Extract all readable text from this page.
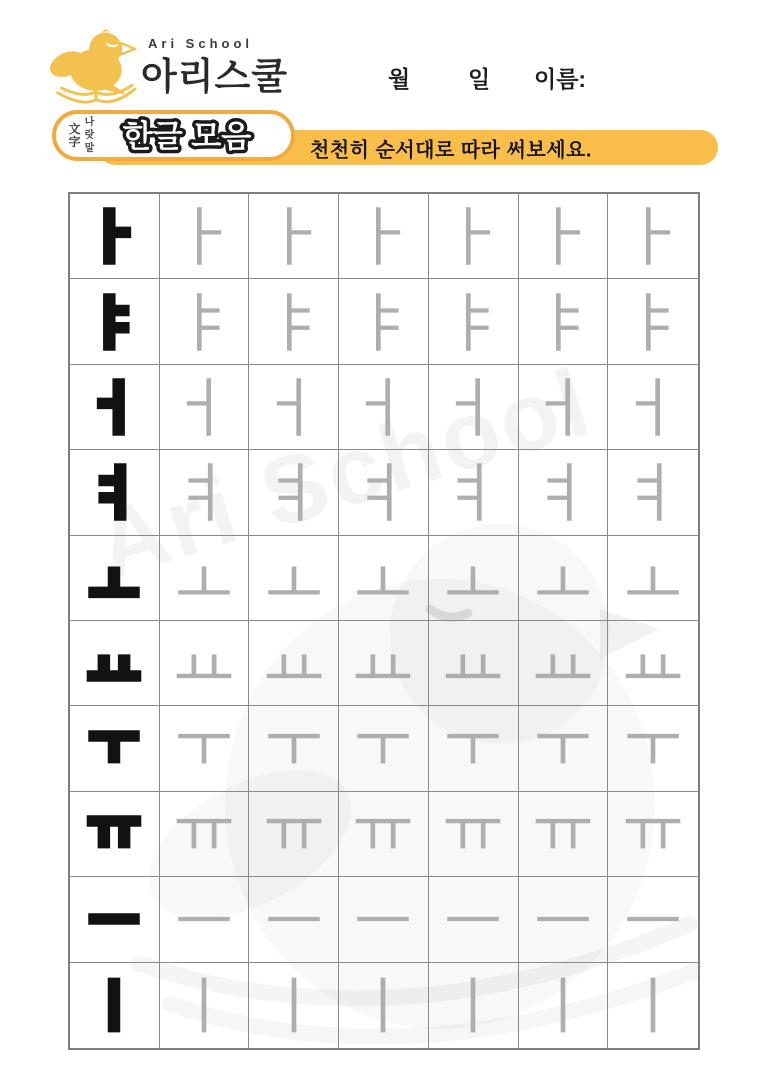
Ari School
아리스쿨	월	일 이름:
천천히 순서대로 따라 써보세요.
文字
나랏말 한글 모음
Ari School
